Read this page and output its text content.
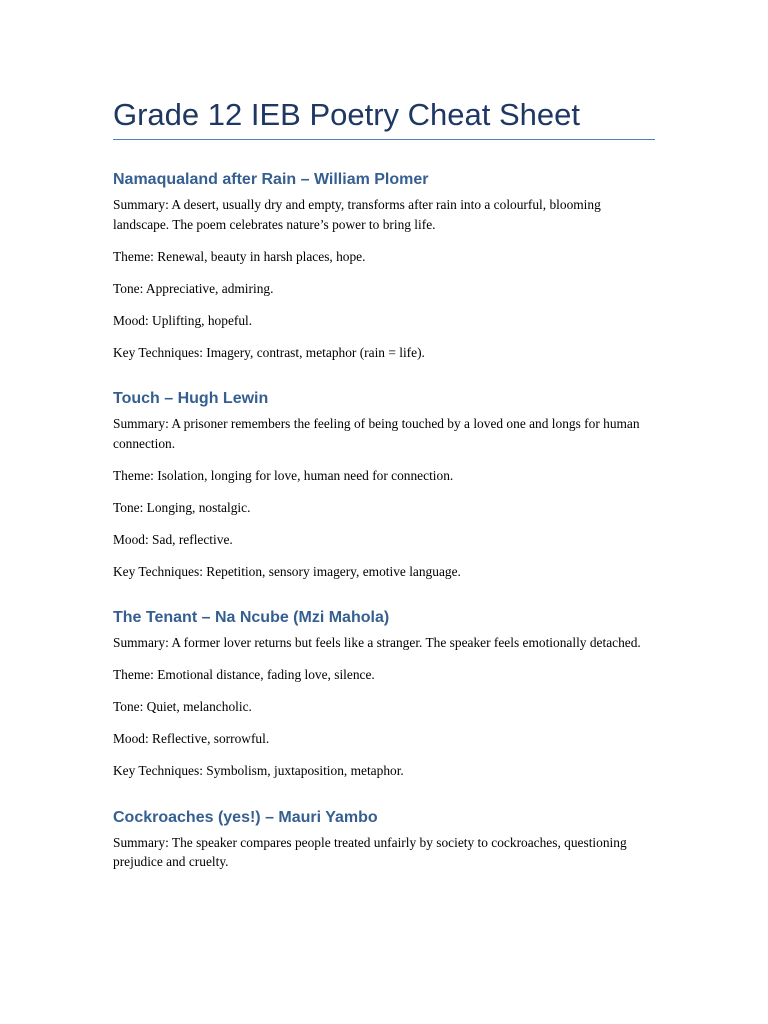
Grade 12 IEB Poetry Cheat Sheet
Namaqualand after Rain – William Plomer

Summary: A desert, usually dry and empty, transforms after rain into a colourful, blooming landscape. The poem celebrates nature’s power to bring life.

Theme: Renewal, beauty in harsh places, hope.

Tone: Appreciative, admiring.

Mood: Uplifting, hopeful.

Key Techniques: Imagery, contrast, metaphor (rain = life).

Touch – Hugh Lewin

Summary: A prisoner remembers the feeling of being touched by a loved one and longs for human connection.

Theme: Isolation, longing for love, human need for connection.

Tone: Longing, nostalgic.

Mood: Sad, reflective.

Key Techniques: Repetition, sensory imagery, emotive language.

The Tenant – Na Ncube (Mzi Mahola)

Summary: A former lover returns but feels like a stranger. The speaker feels emotionally detached.

Theme: Emotional distance, fading love, silence.

Tone: Quiet, melancholic.

Mood: Reflective, sorrowful.

Key Techniques: Symbolism, juxtaposition, metaphor.

Cockroaches (yes!) – Mauri Yambo

Summary: The speaker compares people treated unfairly by society to cockroaches, questioning prejudice and cruelty.
